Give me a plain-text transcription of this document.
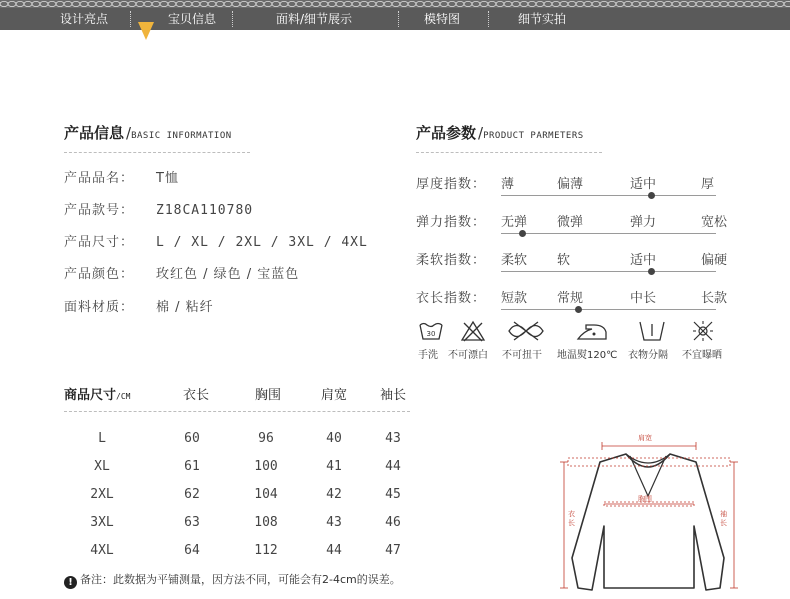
设计亮点	宝贝信息	面料/细节展示	模特图	细节实拍
产品信息 /BASIC INFORMATION
产品品名： T恤
产品款号： Z18CA110780
产品尺寸： L / XL / 2XL / 3XL / 4XL
产品颜色： 玫红色 / 绿色 / 宝蓝色
面料材质： 棉 / 粘纤
产品参数 /PRODUCT PARMETERS
厚度指数： 薄	偏薄	适中	厚
弹力指数： 无弹 微弹	弹力	宽松
柔软指数： 柔软 软	适中	偏硬
衣长指数： 短款 常规	中长	长款
30
手洗 不可漂白 不可扭干 地温熨120℃ 衣物分隔 不宜曝晒
商品尺寸/CM	衣长	胸围	肩宽	袖长
L	60	96	40	43
XL	61	100	41	44
2XL	62	104	42	45
3XL	63	108	43	46
4XL	64	112	44	47
! 备注：此数据为平铺测量，因方法不同，可能会有2-4cm的误差。
肩宽
胸围
衣长
袖长
